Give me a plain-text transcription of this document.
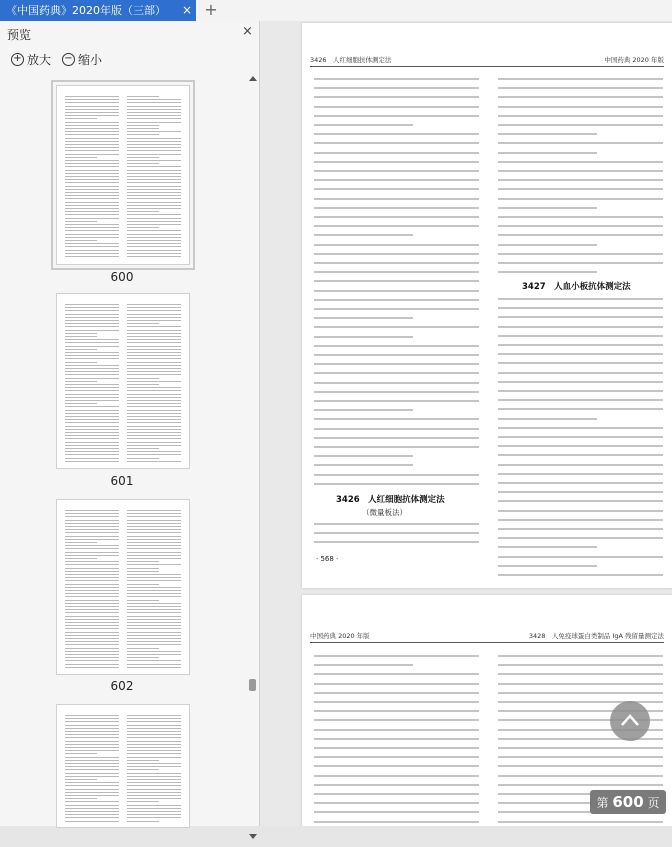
《中国药典》2020年版（三部） × +
预览	×
+ 放大 − 缩小
600
601
602
3426　人红细胞抗体测定法	中国药典 2020 年版
3426　人红细胞抗体测定法
（微量板法）
3427　人血小板抗体测定法
· 568 ·
中国药典 2020 年版	3428　人免疫球蛋白类制品 IgA 残留量测定法
第 600 页
